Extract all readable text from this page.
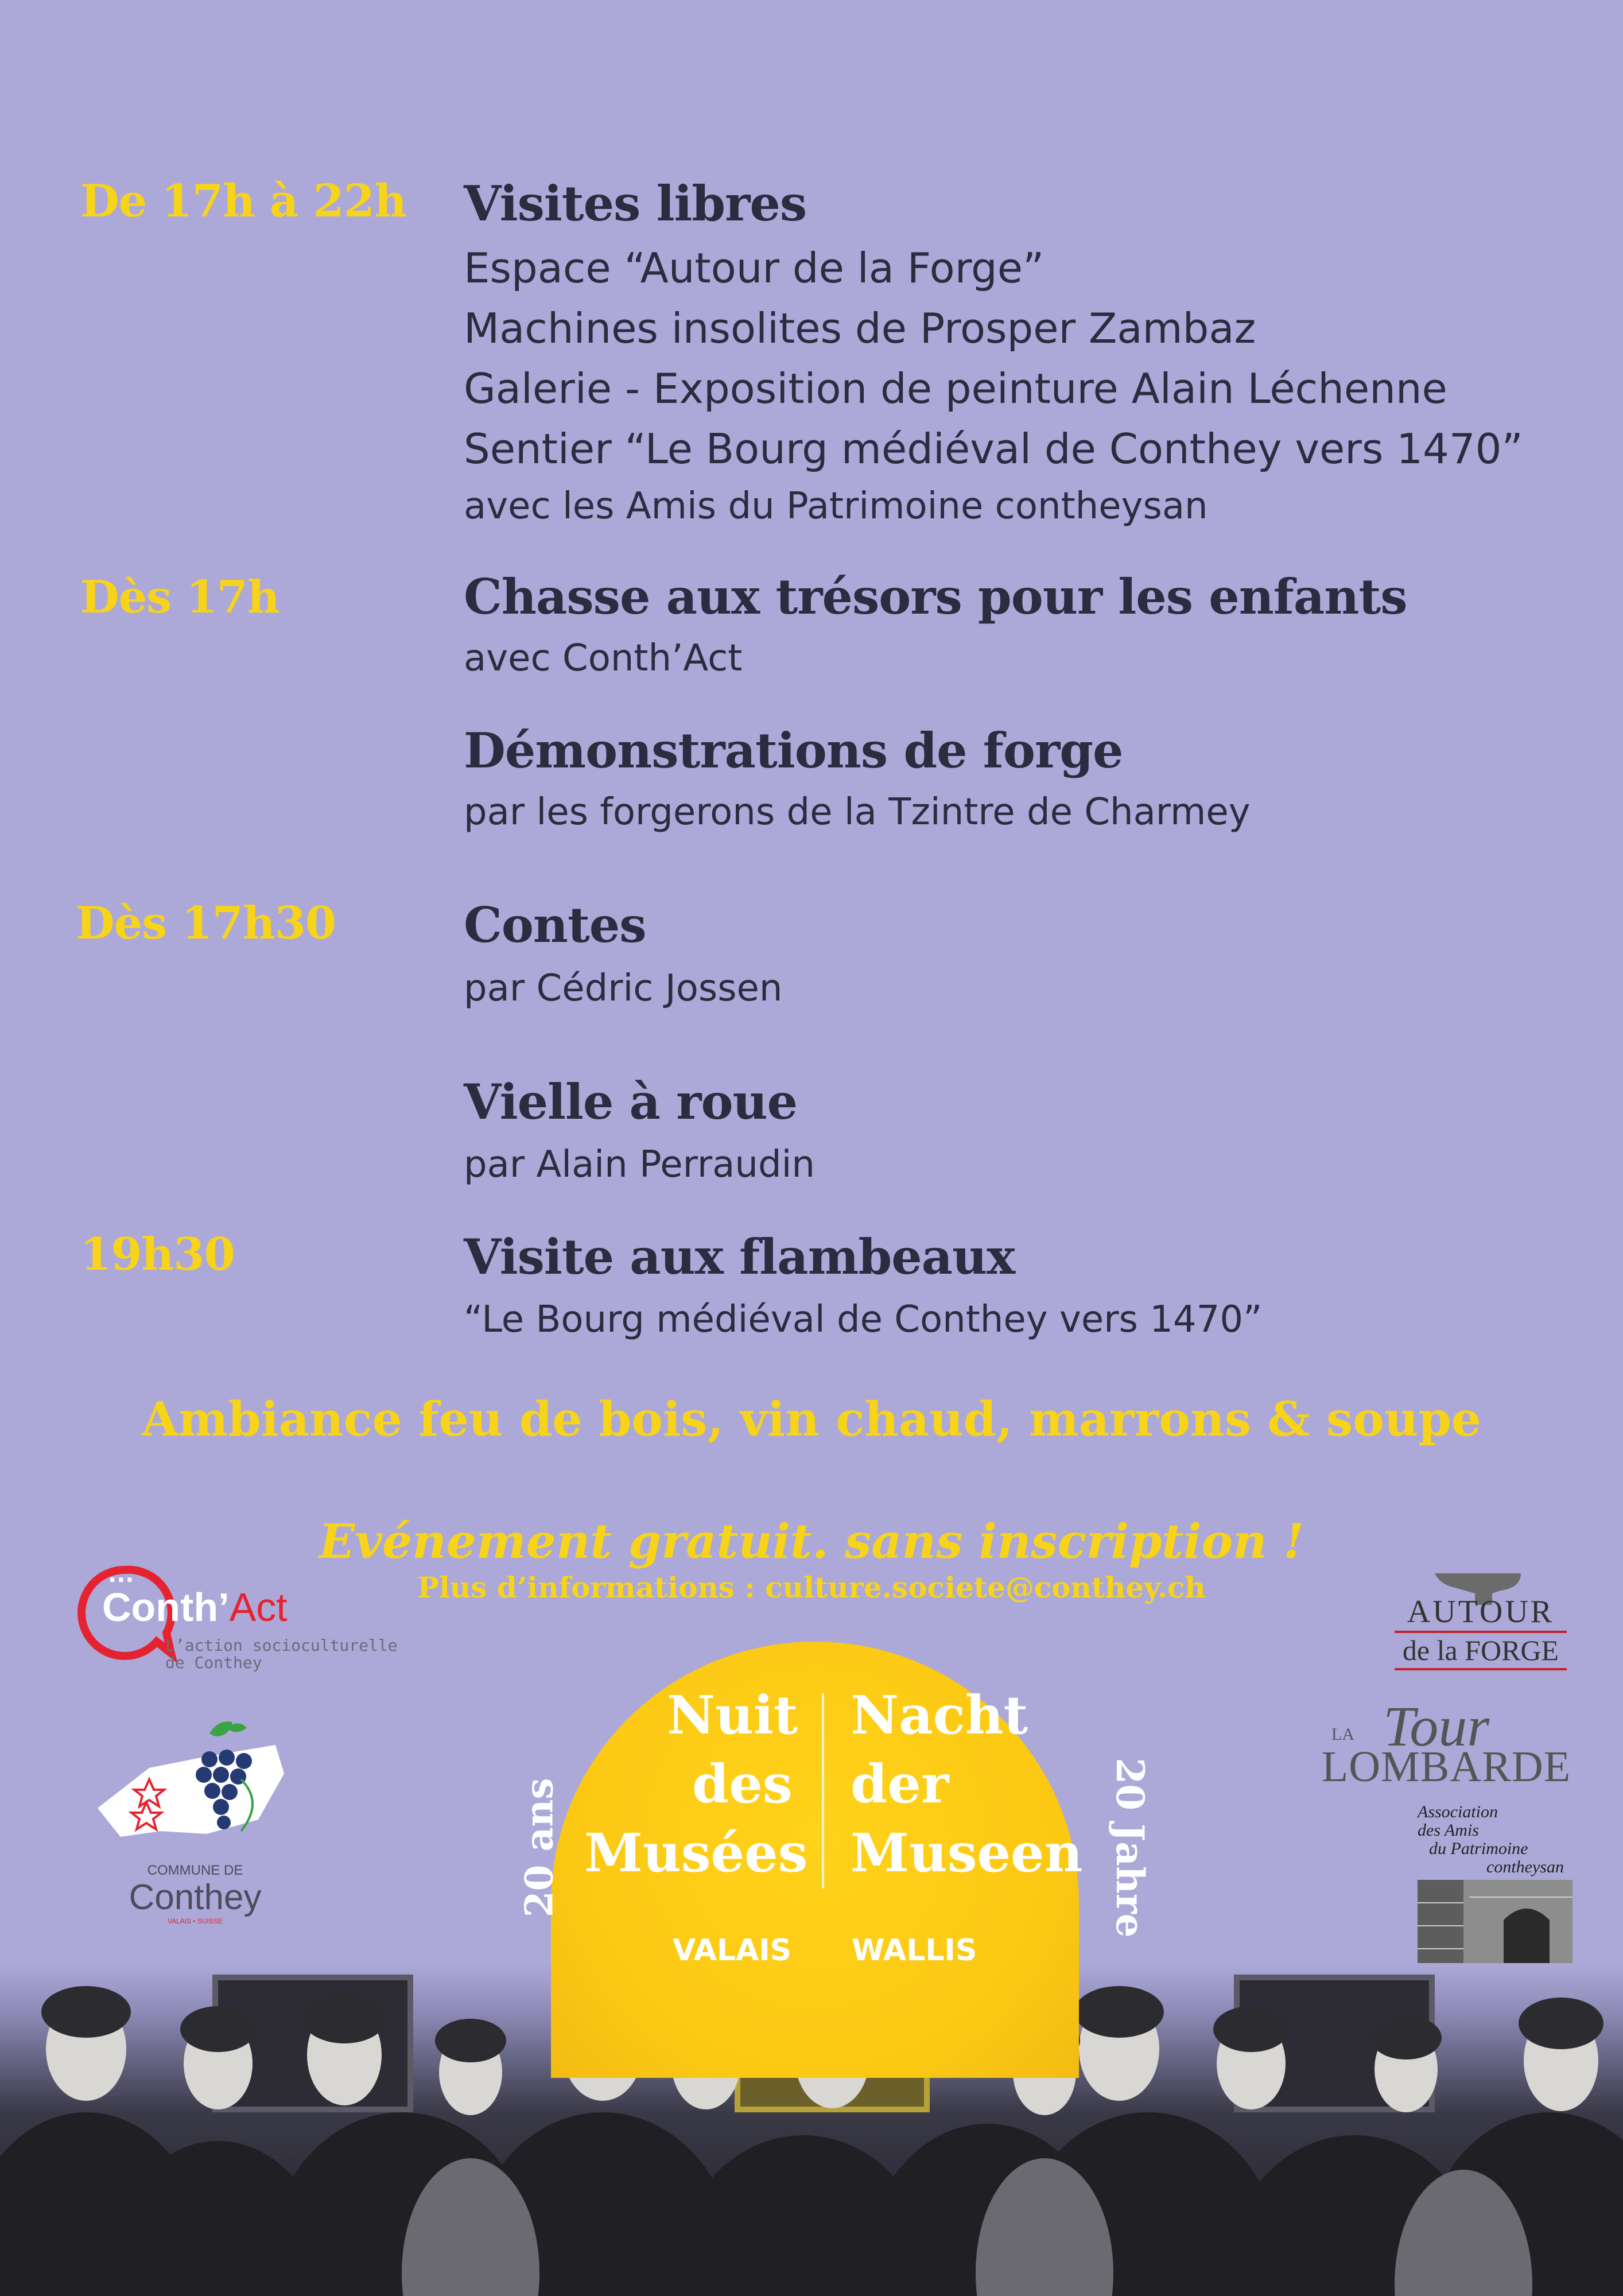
De 17h à 22h Visites libres
Espace “Autour de la Forge”
Machines insolites de Prosper Zambaz
Galerie - Exposition de peinture Alain Léchenne
Sentier “Le Bourg médiéval de Conthey vers 1470”
avec les Amis du Patrimoine contheysan
Dès 17h	Chasse aux trésors pour les enfants
avec Conth’Act
Démonstrations de forge
par les forgerons de la Tzintre de Charmey
Dès 17h30	Contes
par Cédric Jossen
Vielle à roue
par Alain Perraudin
19h30	Visite aux flambeaux
“Le Bourg médiéval de Conthey vers 1470”
Ambiance feu de bois, vin chaud, marrons & soupe
Evénement gratuit. sans inscription !
Plus d’informations : culture.societe@conthey.ch
...
Conth’Act
L’action socioculturelle
de Conthey
COMMUNE DE
Conthey
VALAIS • SUISSE
AUTOUR
de la FORGE
LA Tour
LOMBARDE
Association
des Amis
du Patrimoine
contheysan
Nuit
des
Musées
Nacht
der
Museen
VALAIS WALLIS
20 ans	20 Jahre
